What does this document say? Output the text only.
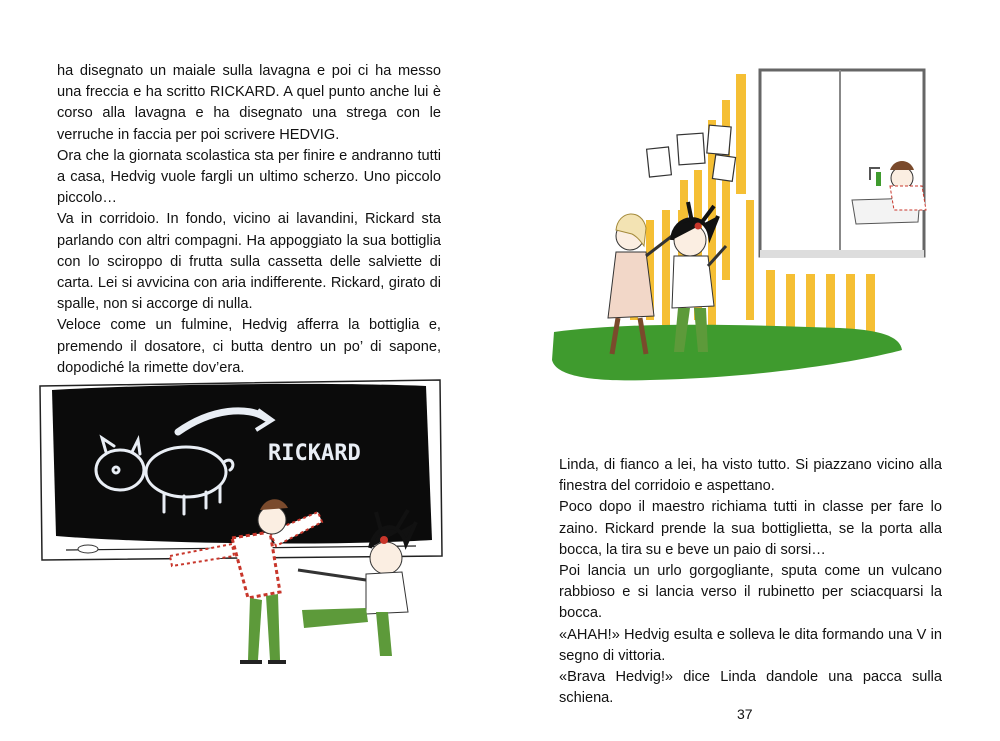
ha disegnato un maiale sulla lavagna e poi ci ha messo una freccia e ha scritto RICKARD. A quel punto anche lui è corso alla lavagna e ha disegnato una strega con le verruche in faccia per poi scrivere HEDVIG.

Ora che la giornata scolastica sta per finire e andranno tutti a casa, Hedvig vuole fargli un ultimo scherzo. Uno piccolo piccolo…

Va in corridoio. In fondo, vicino ai lavandini, Rickard sta parlando con altri compagni. Ha appoggiato la sua bottiglia con lo sciroppo di frutta sulla cassetta delle salviette di carta. Lei si avvicina con aria indifferente. Rickard, girato di spalle, non si accorge di nulla.

Veloce come un fulmine, Hedvig afferra la bottiglia e, premendo il dosatore, ci butta dentro un po’ di sapone, dopodiché la rimette dov’era.

RICKARD	Linda, di fianco a lei, ha visto tutto. Si piazzano vicino alla finestra del corridoio e aspettano.

Poco dopo il maestro richiama tutti in classe per fare lo zaino. Rickard prende la sua bottiglietta, se la porta alla bocca, la tira su e beve un paio di sorsi…

Poi lancia un urlo gorgogliante, sputa come un vulcano rabbioso e si lancia verso il rubinetto per sciacquarsi la bocca.

«AHAH!» Hedvig esulta e solleva le dita formando una V in segno di vittoria.

«Brava Hedvig!» dice Linda dandole una pacca sulla schiena.

37
